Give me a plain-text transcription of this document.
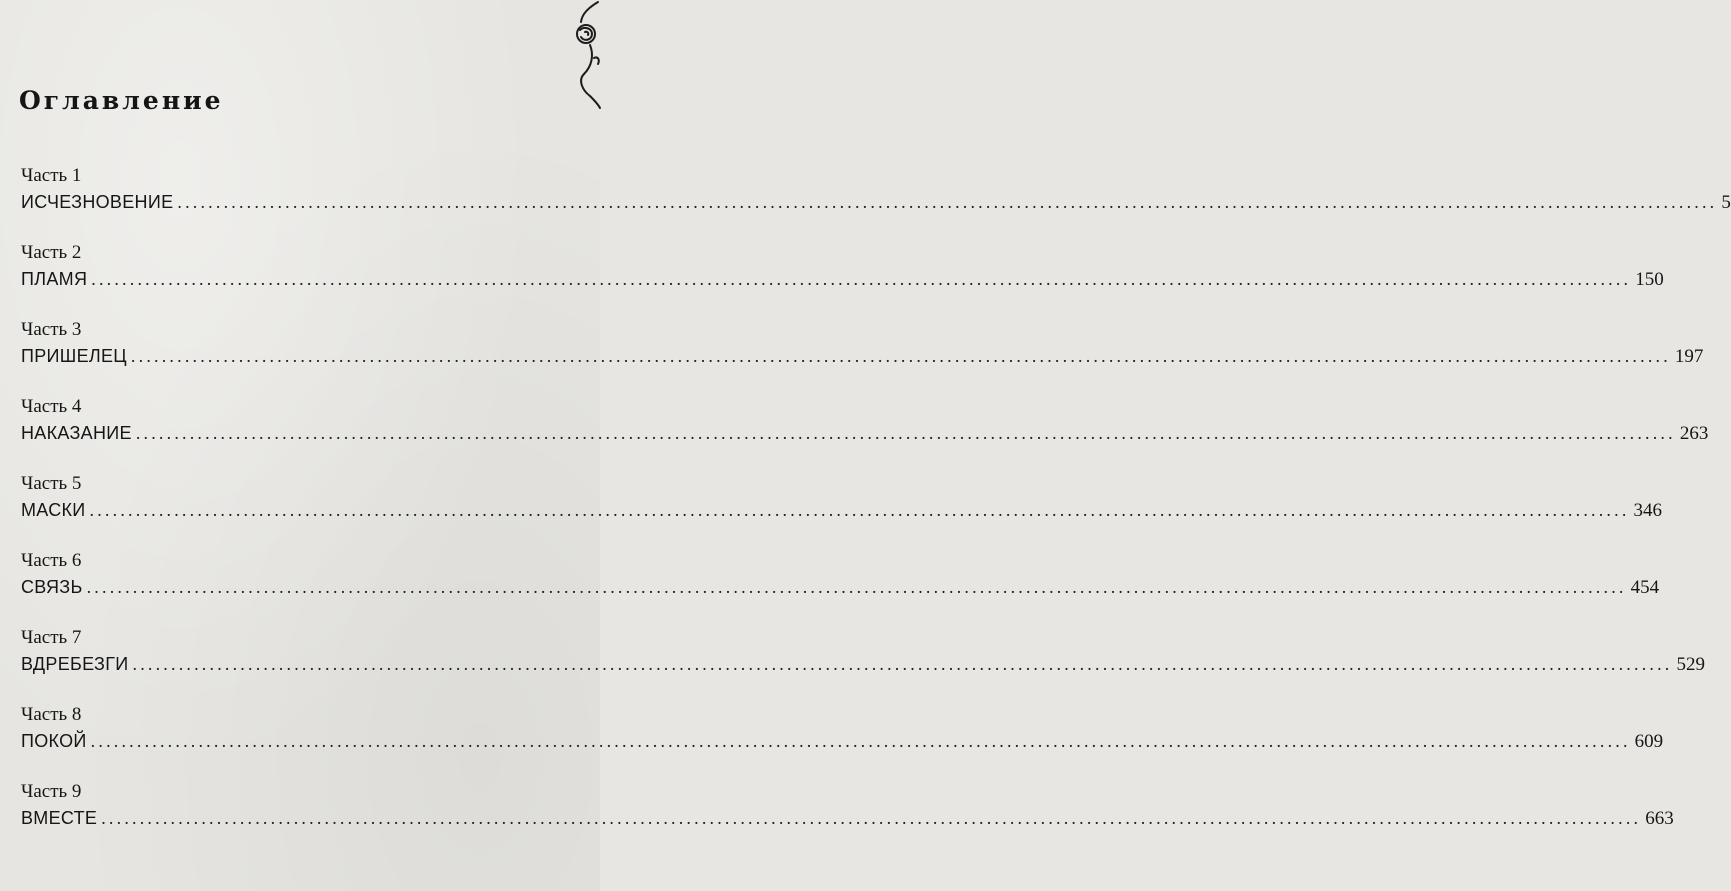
Оглавление
Часть 1
ИСЧЕЗНОВЕНИЕ ........................................................................................................................................................................................................ 5
Часть 2
ПЛАМЯ ........................................................................................................................................................................................................ 150
Часть 3
ПРИШЕЛЕЦ ........................................................................................................................................................................................................ 197
Часть 4
НАКАЗАНИЕ ........................................................................................................................................................................................................ 263
Часть 5
МАСКИ ........................................................................................................................................................................................................ 346
Часть 6
СВЯЗЬ ........................................................................................................................................................................................................ 454
Часть 7
ВДРЕБЕЗГИ ........................................................................................................................................................................................................ 529
Часть 8
ПОКОЙ ........................................................................................................................................................................................................ 609
Часть 9
ВМЕСТЕ ........................................................................................................................................................................................................ 663
